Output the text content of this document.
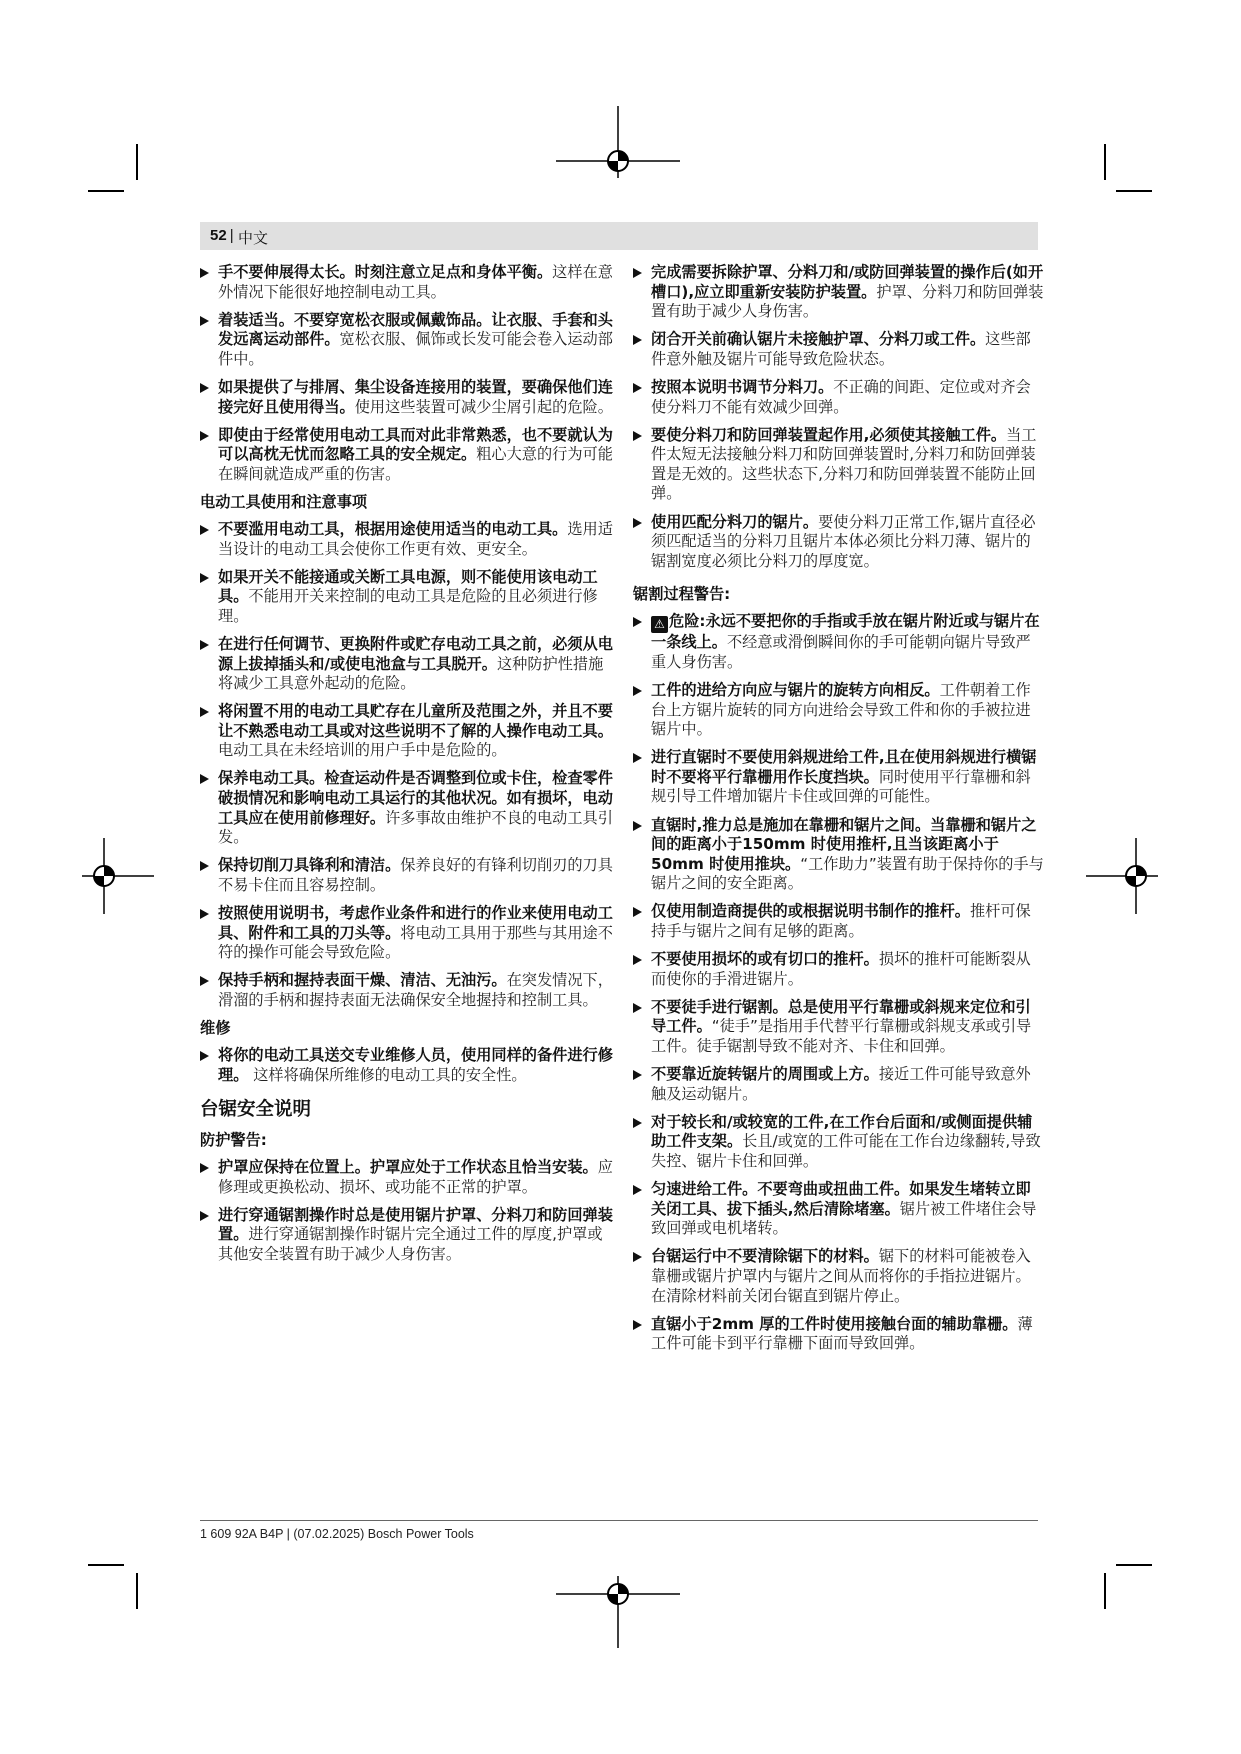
52 | 中文
手不要伸展得太长。时刻注意立足点和身体平衡。这样在意外情况下能很好地控制电动工具。
着装适当。不要穿宽松衣服或佩戴饰品。让衣服、手套和头发远离运动部件。宽松衣服、佩饰或长发可能会卷入运动部件中。
如果提供了与排屑、集尘设备连接用的装置，要确保他们连接完好且使用得当。使用这些装置可减少尘屑引起的危险。
即使由于经常使用电动工具而对此非常熟悉，也不要就认为可以高枕无忧而忽略工具的安全规定。粗心大意的行为可能在瞬间就造成严重的伤害。
电动工具使用和注意事项
不要滥用电动工具，根据用途使用适当的电动工具。选用适当设计的电动工具会使你工作更有效、更安全。
如果开关不能接通或关断工具电源，则不能使用该电动工具。不能用开关来控制的电动工具是危险的且必须进行修理。
在进行任何调节、更换附件或贮存电动工具之前，必须从电源上拔掉插头和/或使电池盒与工具脱开。这种防护性措施将减少工具意外起动的危险。
将闲置不用的电动工具贮存在儿童所及范围之外，并且不要让不熟悉电动工具或对这些说明不了解的人操作电动工具。电动工具在未经培训的用户手中是危险的。
保养电动工具。检查运动件是否调整到位或卡住，检查零件破损情况和影响电动工具运行的其他状况。如有损坏，电动工具应在使用前修理好。许多事故由维护不良的电动工具引发。
保持切削刀具锋利和清洁。保养良好的有锋利切削刃的刀具不易卡住而且容易控制。
按照使用说明书，考虑作业条件和进行的作业来使用电动工具、附件和工具的刀头等。将电动工具用于那些与其用途不符的操作可能会导致危险。
保持手柄和握持表面干燥、清洁、无油污。在突发情况下，滑溜的手柄和握持表面无法确保安全地握持和控制工具。
维修
将你的电动工具送交专业维修人员，使用同样的备件进行修理。 这样将确保所维修的电动工具的安全性。
台锯安全说明
防护警告:
护罩应保持在位置上。护罩应处于工作状态且恰当安装。应修理或更换松动、损坏、或功能不正常的护罩。
进行穿通锯割操作时总是使用锯片护罩、分料刀和防回弹装置。进行穿通锯割操作时锯片完全通过工件的厚度,护罩或其他安全装置有助于减少人身伤害。
完成需要拆除护罩、分料刀和/或防回弹装置的操作后(如开槽口),应立即重新安装防护装置。护罩、分料刀和防回弹装置有助于减少人身伤害。
闭合开关前确认锯片未接触护罩、分料刀或工件。这些部件意外触及锯片可能导致危险状态。
按照本说明书调节分料刀。不正确的间距、定位或对齐会使分料刀不能有效减少回弹。
要使分料刀和防回弹装置起作用,必须使其接触工件。当工件太短无法接触分料刀和防回弹装置时,分料刀和防回弹装置是无效的。这些状态下,分料刀和防回弹装置不能防止回弹。
使用匹配分料刀的锯片。要使分料刀正常工作,锯片直径必须匹配适当的分料刀且锯片本体必须比分料刀薄、锯片的锯割宽度必须比分料刀的厚度宽。
锯割过程警告:
⚠ 危险:永远不要把你的手指或手放在锯片附近或与锯片在一条线上。不经意或滑倒瞬间你的手可能朝向锯片导致严重人身伤害。
工件的进给方向应与锯片的旋转方向相反。工件朝着工作台上方锯片旋转的同方向进给会导致工件和你的手被拉进锯片中。
进行直锯时不要使用斜规进给工件,且在使用斜规进行横锯时不要将平行靠栅用作长度挡块。同时使用平行靠栅和斜规引导工件增加锯片卡住或回弹的可能性。
直锯时,推力总是施加在靠栅和锯片之间。当靠栅和锯片之间的距离小于150mm 时使用推杆,且当该距离小于50mm 时使用推块。“工作助力”装置有助于保持你的手与锯片之间的安全距离。
仅使用制造商提供的或根据说明书制作的推杆。推杆可保持手与锯片之间有足够的距离。
不要使用损坏的或有切口的推杆。损坏的推杆可能断裂从而使你的手滑进锯片。
不要徒手进行锯割。总是使用平行靠栅或斜规来定位和引导工件。“徒手”是指用手代替平行靠栅或斜规支承或引导工件。徒手锯割导致不能对齐、卡住和回弹。
不要靠近旋转锯片的周围或上方。接近工件可能导致意外触及运动锯片。
对于较长和/或较宽的工件,在工作台后面和/或侧面提供辅助工件支架。长且/或宽的工件可能在工作台边缘翻转,导致失控、锯片卡住和回弹。
匀速进给工件。不要弯曲或扭曲工件。如果发生堵转立即关闭工具、拔下插头,然后清除堵塞。锯片被工件堵住会导致回弹或电机堵转。
台锯运行中不要清除锯下的材料。锯下的材料可能被卷入靠栅或锯片护罩内与锯片之间从而将你的手指拉进锯片。在清除材料前关闭台锯直到锯片停止。
直锯小于2mm 厚的工件时使用接触台面的辅助靠栅。薄工件可能卡到平行靠栅下面而导致回弹。
1 609 92A B4P | (07.02.2025) Bosch Power Tools
